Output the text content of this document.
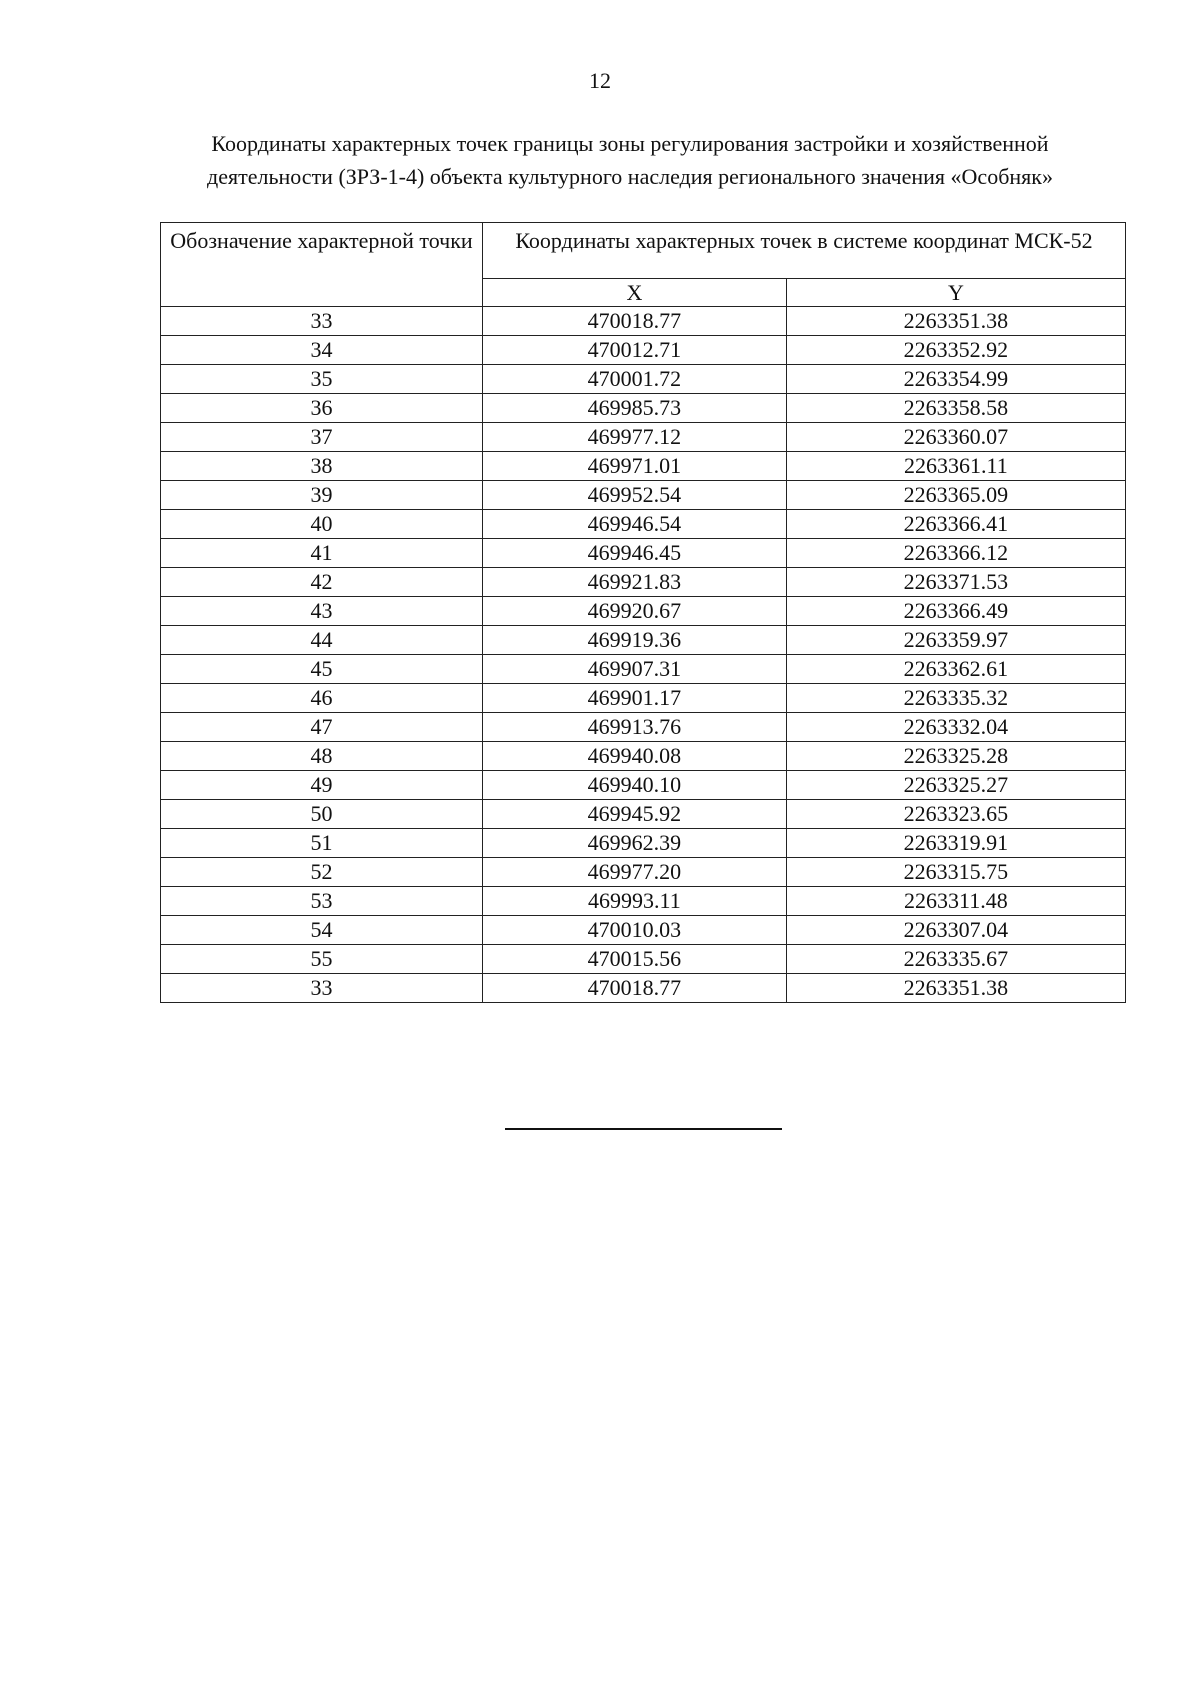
12
Координаты характерных точек границы зоны регулирования застройки и хозяйственной
деятельности (ЗРЗ-1-4) объекта культурного наследия регионального значения «Особняк»
Обозначение характерной точки	Координаты характерных точек в системе координат МСК-52	
	X	Y
33	470018.77	2263351.38
34	470012.71	2263352.92
35	470001.72	2263354.99
36	469985.73	2263358.58
37	469977.12	2263360.07
38	469971.01	2263361.11
39	469952.54	2263365.09
40	469946.54	2263366.41
41	469946.45	2263366.12
42	469921.83	2263371.53
43	469920.67	2263366.49
44	469919.36	2263359.97
45	469907.31	2263362.61
46	469901.17	2263335.32
47	469913.76	2263332.04
48	469940.08	2263325.28
49	469940.10	2263325.27
50	469945.92	2263323.65
51	469962.39	2263319.91
52	469977.20	2263315.75
53	469993.11	2263311.48
54	470010.03	2263307.04
55	470015.56	2263335.67
33	470018.77	2263351.38
